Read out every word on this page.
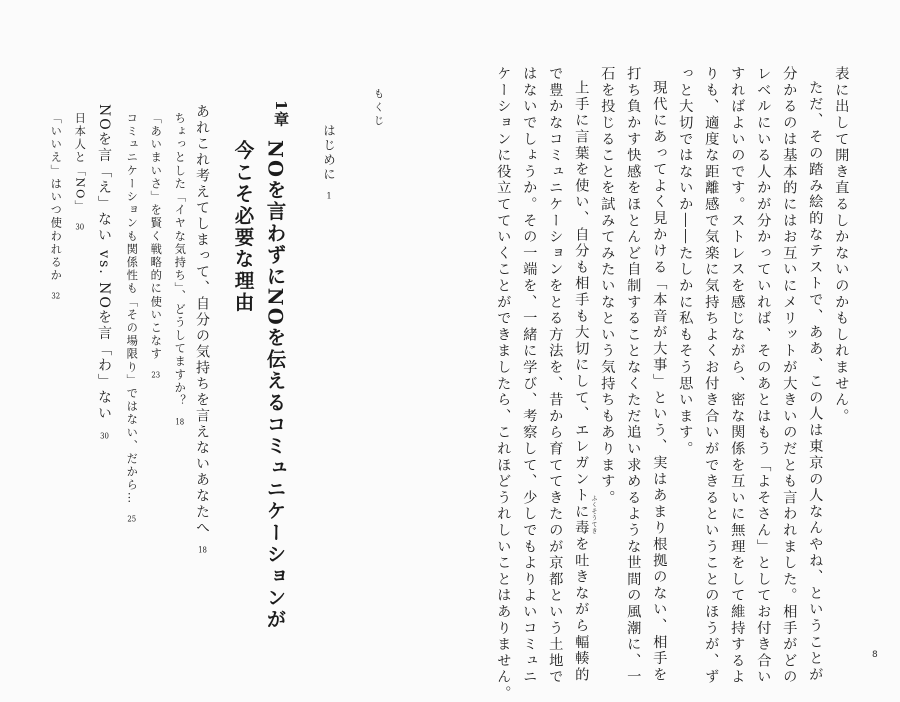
表に出して開き直るしかないのかもしれません。
ただ、その踏み絵的なテストで、ああ、この人は東京の人なんやね、ということが
分かるのは基本的にはお互いにメリットが大きいのだとも言われました。相手がどの
レベルにいる人かが分かっていれば、そのあとはもう「よそさん」としてお付き合い
すればよいのです。ストレスを感じながら、密な関係を互いに無理をして維持するよ
りも、適度な距離感で気楽に気持ちよくお付き合いができるということのほうが、ず
っと大切ではないか――たしかに私もそう思います。
現代にあってよく見かける「本音が大事」という、実はあまり根拠のない、相手を
打ち負かす快感をほとんど自制することなくただ追い求めるような世間の風潮に、一
石を投じることを試みてみたいなという気持ちもあります。
上手に言葉を使い、自分も相手も大切にして、エレガントに毒を吐きながら輻輳的
で豊かなコミュニケーションをとる方法を、昔から育ててきたのが京都という土地で
はないでしょうか。その一端を、一緒に学び、考察して、少しでもよりよいコミュニ
ケーションに役立てていくことができましたら、これほどうれしいことはありません。	ふくそうてき
もくじ
はじめに1
1章
NOを言わずにNOを伝えるコミュニケーションが
今こそ必要な理由
あれこれ考えてしまって、自分の気持ちを言えないあなたへ18
ちょっとした「イヤな気持ち」、どうしてますか？18
「あいまいさ」を賢く戦略的に使いこなす23
コミュニケーションも関係性も「その場限り」ではない、だから…25
NOを言「え」ない vs. NOを言「わ」ない30
日本人と「NO」30
「いいえ」はいつ使われるか32
8
